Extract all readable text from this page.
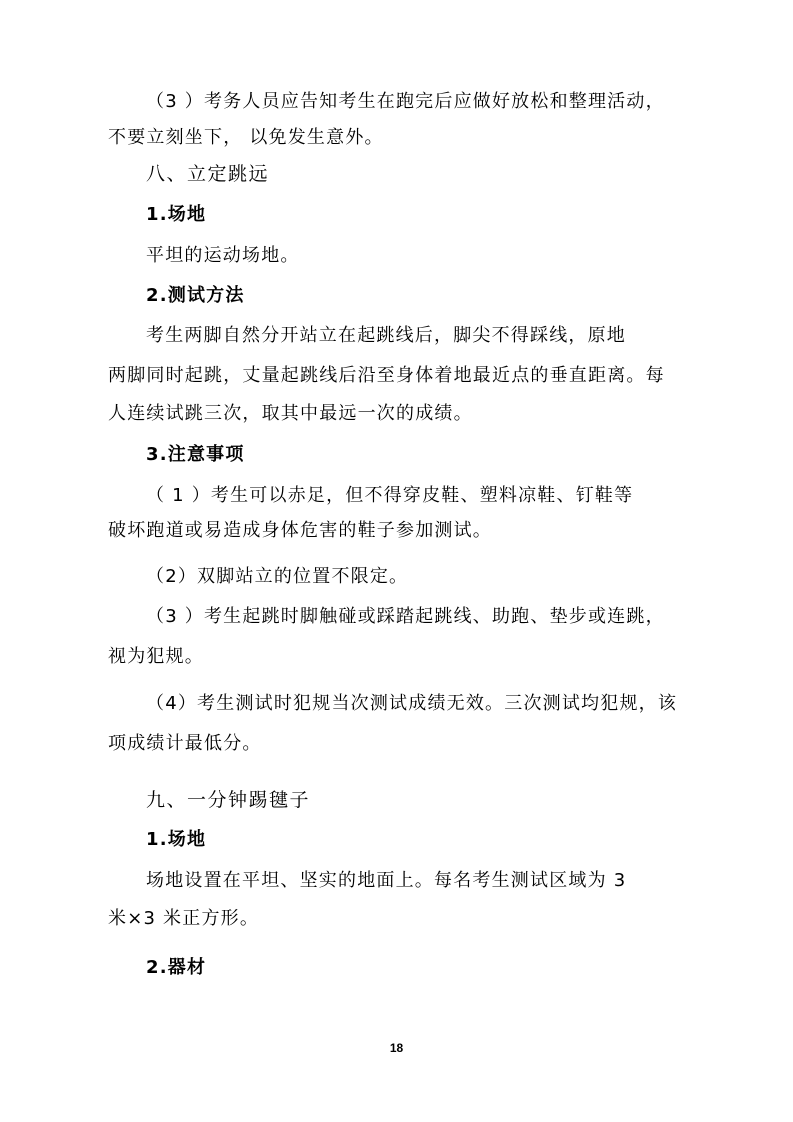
（3 ）考务人员应告知考生在跑完后应做好放松和整理活动，
不要立刻坐下， 以免发生意外。
八、立定跳远
1.场地
平坦的运动场地。
2.测试方法
考生两脚自然分开站立在起跳线后，脚尖不得踩线，原地
两脚同时起跳，丈量起跳线后沿至身体着地最近点的垂直距离。每
人连续试跳三次，取其中最远一次的成绩。
3.注意事项
（ 1 ）考生可以赤足，但不得穿皮鞋、塑料凉鞋、钉鞋等
破坏跑道或易造成身体危害的鞋子参加测试。
（2）双脚站立的位置不限定。
（3 ）考生起跳时脚触碰或踩踏起跳线、助跑、垫步或连跳，
视为犯规。
（4）考生测试时犯规当次测试成绩无效。三次测试均犯规，该
项成绩计最低分。
九、一分钟踢毽子
1.场地
场地设置在平坦、坚实的地面上。每名考生测试区域为 3
米×3 米正方形。
2.器材
18
